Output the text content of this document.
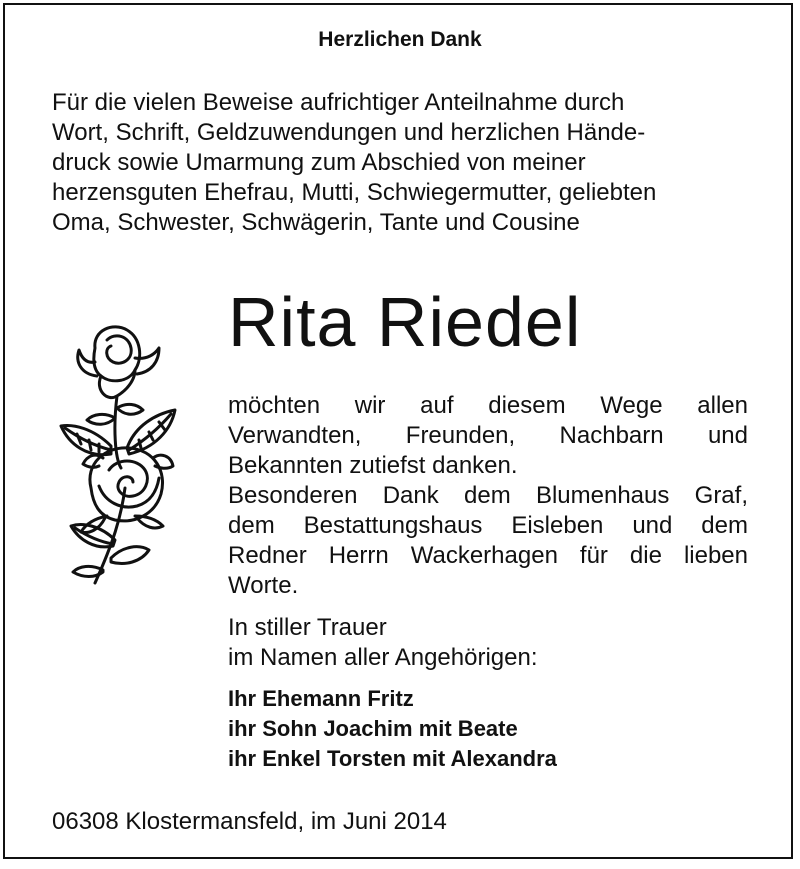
Herzlichen Dank
Für die vielen Beweise aufrichtiger Anteilnahme durch
Wort, Schrift, Geldzuwendungen und herzlichen Hände-
druck sowie Umarmung zum Abschied von meiner
herzensguten Ehefrau, Mutti, Schwiegermutter, geliebten
Oma, Schwester, Schwägerin, Tante und Cousine
Rita Riedel
möchten wir auf diesem Wege allen
Verwandten, Freunden, Nachbarn und
Bekannten zutiefst danken.
Besonderen Dank dem Blumenhaus Graf,
dem Bestattungshaus Eisleben und dem
Redner Herrn Wackerhagen für die lieben
Worte.
In stiller Trauer
im Namen aller Angehörigen:
Ihr Ehemann Fritz
ihr Sohn Joachim mit Beate
ihr Enkel Torsten mit Alexandra
06308 Klostermansfeld, im Juni 2014
